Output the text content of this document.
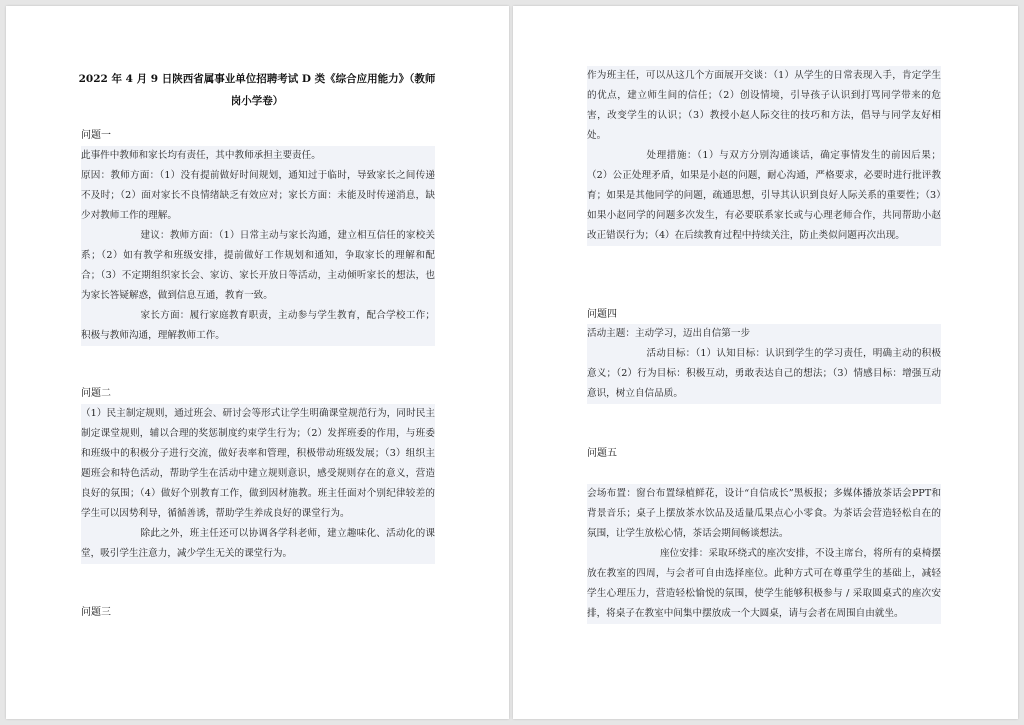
2022 年 4 月 9 日陕西省属事业单位招聘考试 D 类《综合应用能力》（教师岗小学卷）
问题一

此事件中教师和家长均有责任，其中教师承担主要责任。

原因：教师方面：（1）没有提前做好时间规划，通知过于临时，导致家长之间传递不及时；（2）面对家长不良情绪缺乏有效应对；家长方面：未能及时传递消息，缺少对教师工作的理解。

建议：教师方面：（1）日常主动与家长沟通，建立相互信任的家校关系；（2）如有教学和班级安排，提前做好工作规划和通知，争取家长的理解和配合；（3）不定期组织家长会、家访、家长开放日等活动，主动倾听家长的想法，也为家长答疑解惑，做到信息互通，教育一致。

家长方面：履行家庭教育职责，主动参与学生教育，配合学校工作；积极与教师沟通，理解教师工作。

问题二

（1）民主制定规则，通过班会、研讨会等形式让学生明确课堂规范行为，同时民主制定课堂规则，辅以合理的奖惩制度约束学生行为；（2）发挥班委的作用，与班委和班级中的积极分子进行交流，做好表率和管理，积极带动班级发展；（3）组织主题班会和特色活动，帮助学生在活动中建立规则意识，感受规则存在的意义，营造良好的氛围；（4）做好个别教育工作，做到因材施教。班主任面对个别纪律较差的学生可以因势利导，循循善诱，帮助学生养成良好的课堂行为。

除此之外，班主任还可以协调各学科老师，建立趣味化、活动化的课堂，吸引学生注意力，减少学生无关的课堂行为。

问题三

作为班主任，可以从这几个方面展开交谈：（1）从学生的日常表现入手，肯定学生的优点，建立师生间的信任；（2）创设情境，引导孩子认识到打骂同学带来的危害，改变学生的认识；（3）教授小赵人际交往的技巧和方法，倡导与同学友好相处。

处理措施：（1）与双方分别沟通谈话，确定事情发生的前因后果；（2）公正处理矛盾，如果是小赵的问题，耐心沟通，严格要求，必要时进行批评教育；如果是其他同学的问题，疏通思想，引导其认识到良好人际关系的重要性；（3）如果小赵同学的问题多次发生，有必要联系家长或与心理老师合作，共同帮助小赵改正错误行为；（4）在后续教育过程中持续关注，防止类似问题再次出现。

问题四

活动主题：主动学习，迈出自信第一步

活动目标：（1）认知目标：认识到学生的学习责任，明确主动的积极意义；（2）行为目标：积极互动，勇敢表达自己的想法；（3）情感目标：增强互动意识，树立自信品质。

问题五

会场布置：窗台布置绿植鲜花，设计“自信成长”黑板报；多媒体播放茶话会PPT和背景音乐；桌子上摆放茶水饮品及适量瓜果点心小零食。为茶话会营造轻松自在的氛围，让学生放松心情，茶话会期间畅谈想法。

座位安排：采取环绕式的座次安排，不设主席台，将所有的桌椅摆放在教室的四周，与会者可自由选择座位。此种方式可在尊重学生的基础上，减轻学生心理压力，营造轻松愉悦的氛围，使学生能够积极参与 / 采取圆桌式的座次安排，将桌子在教室中间集中摆放成一个大圆桌，请与会者在周围自由就坐。
